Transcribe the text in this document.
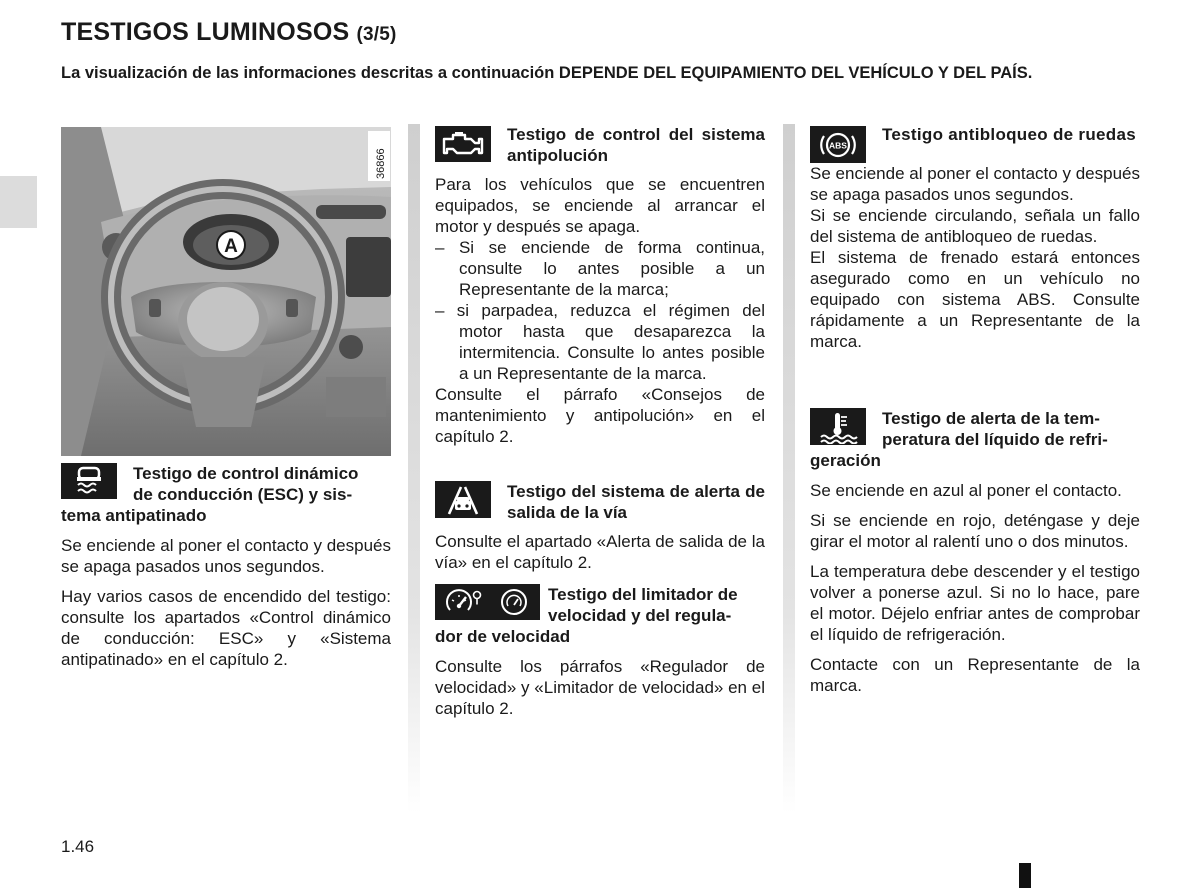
TESTIGOS LUMINOSOS (3/5)
La visualización de las informaciones descritas a continuación DEPENDE DEL EQUIPAMIENTO DEL VEHÍCULO Y DEL PAÍS.
A
36866
Testigo de control dinámico
de conducción (ESC) y sis-
tema antipatinado

Se enciende al poner el contacto y después se apaga pasados unos segundos.

Hay varios casos de encendido del testigo: consulte los apartados «Control dinámico de conducción: ESC» y «Sistema antipatinado» en el capítulo 2.

Testigo de control del sistema antipolución

Para los vehículos que se encuentren equipados, se enciende al arrancar el motor y después se apaga.

– Si se enciende de forma continua, consulte lo antes posible a un Representante de la marca;

– si parpadea, reduzca el régimen del motor hasta que desaparezca la intermitencia. Consulte lo antes posible a un Representante de la marca.

Consulte el párrafo «Consejos de mantenimiento y antipolución» en el capítulo 2.

Testigo del sistema de alerta de salida de la vía

Consulte el apartado «Alerta de salida de la vía» en el capítulo 2.

Testigo del limitador de
velocidad y del regula-
dor de velocidad

Consulte los párrafos «Regulador de velocidad» y «Limitador de velocidad» en el capítulo 2.

ABS
Testigo antibloqueo de ruedas

Se enciende al poner el contacto y después se apaga pasados unos segundos.

Si se enciende circulando, señala un fallo del sistema de antibloqueo de ruedas.

El sistema de frenado estará entonces asegurado como en un vehículo no equipado con sistema ABS. Consulte rápidamente a un Representante de la marca.

Testigo de alerta de la tem-
peratura del líquido de refri-
geración

Se enciende en azul al poner el contacto.

Si se enciende en rojo, deténgase y deje girar el motor al ralentí uno o dos minutos.

La temperatura debe descender y el testigo volver a ponerse azul. Si no lo hace, pare el motor. Déjelo enfriar antes de comprobar el líquido de refrigeración.

Contacte con un Representante de la marca.

1.46
